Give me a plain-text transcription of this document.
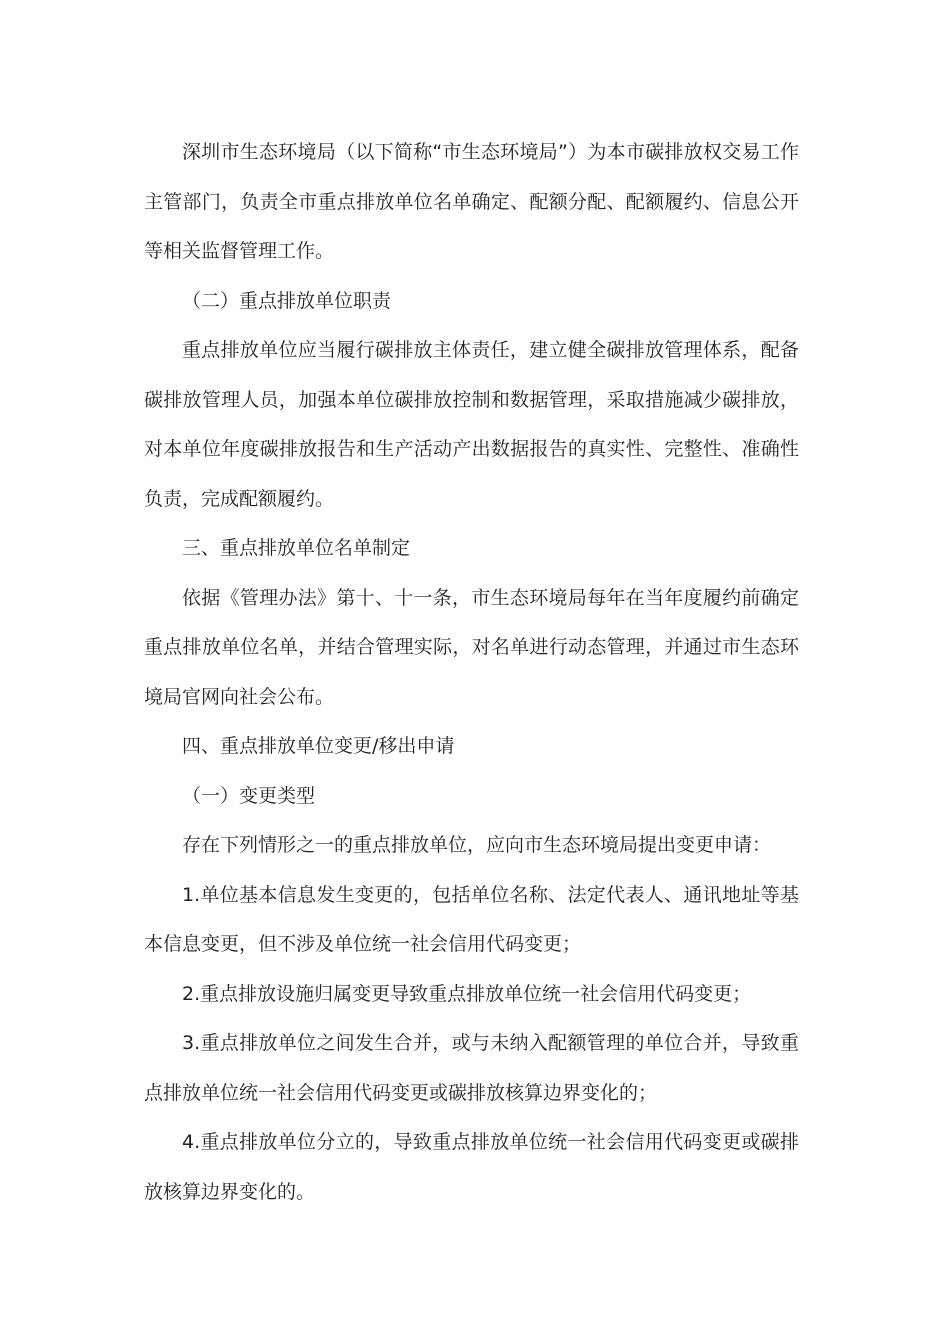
深圳市生态环境局（以下简称“市生态环境局”）为本市碳排放权交易工作主管部门，负责全市重点排放单位名单确定、配额分配、配额履约、信息公开等相关监督管理工作。

（二）重点排放单位职责

重点排放单位应当履行碳排放主体责任，建立健全碳排放管理体系，配备碳排放管理人员，加强本单位碳排放控制和数据管理，采取措施减少碳排放，对本单位年度碳排放报告和生产活动产出数据报告的真实性、完整性、准确性负责，完成配额履约。

三、重点排放单位名单制定

依据《管理办法》第十、十一条，市生态环境局每年在当年度履约前确定重点排放单位名单，并结合管理实际，对名单进行动态管理，并通过市生态环境局官网向社会公布。

四、重点排放单位变更/移出申请

（一）变更类型

存在下列情形之一的重点排放单位，应向市生态环境局提出变更申请：

1.单位基本信息发生变更的，包括单位名称、法定代表人、通讯地址等基本信息变更，但不涉及单位统一社会信用代码变更；

2.重点排放设施归属变更导致重点排放单位统一社会信用代码变更；

3.重点排放单位之间发生合并，或与未纳入配额管理的单位合并，导致重点排放单位统一社会信用代码变更或碳排放核算边界变化的；

4.重点排放单位分立的，导致重点排放单位统一社会信用代码变更或碳排放核算边界变化的。
